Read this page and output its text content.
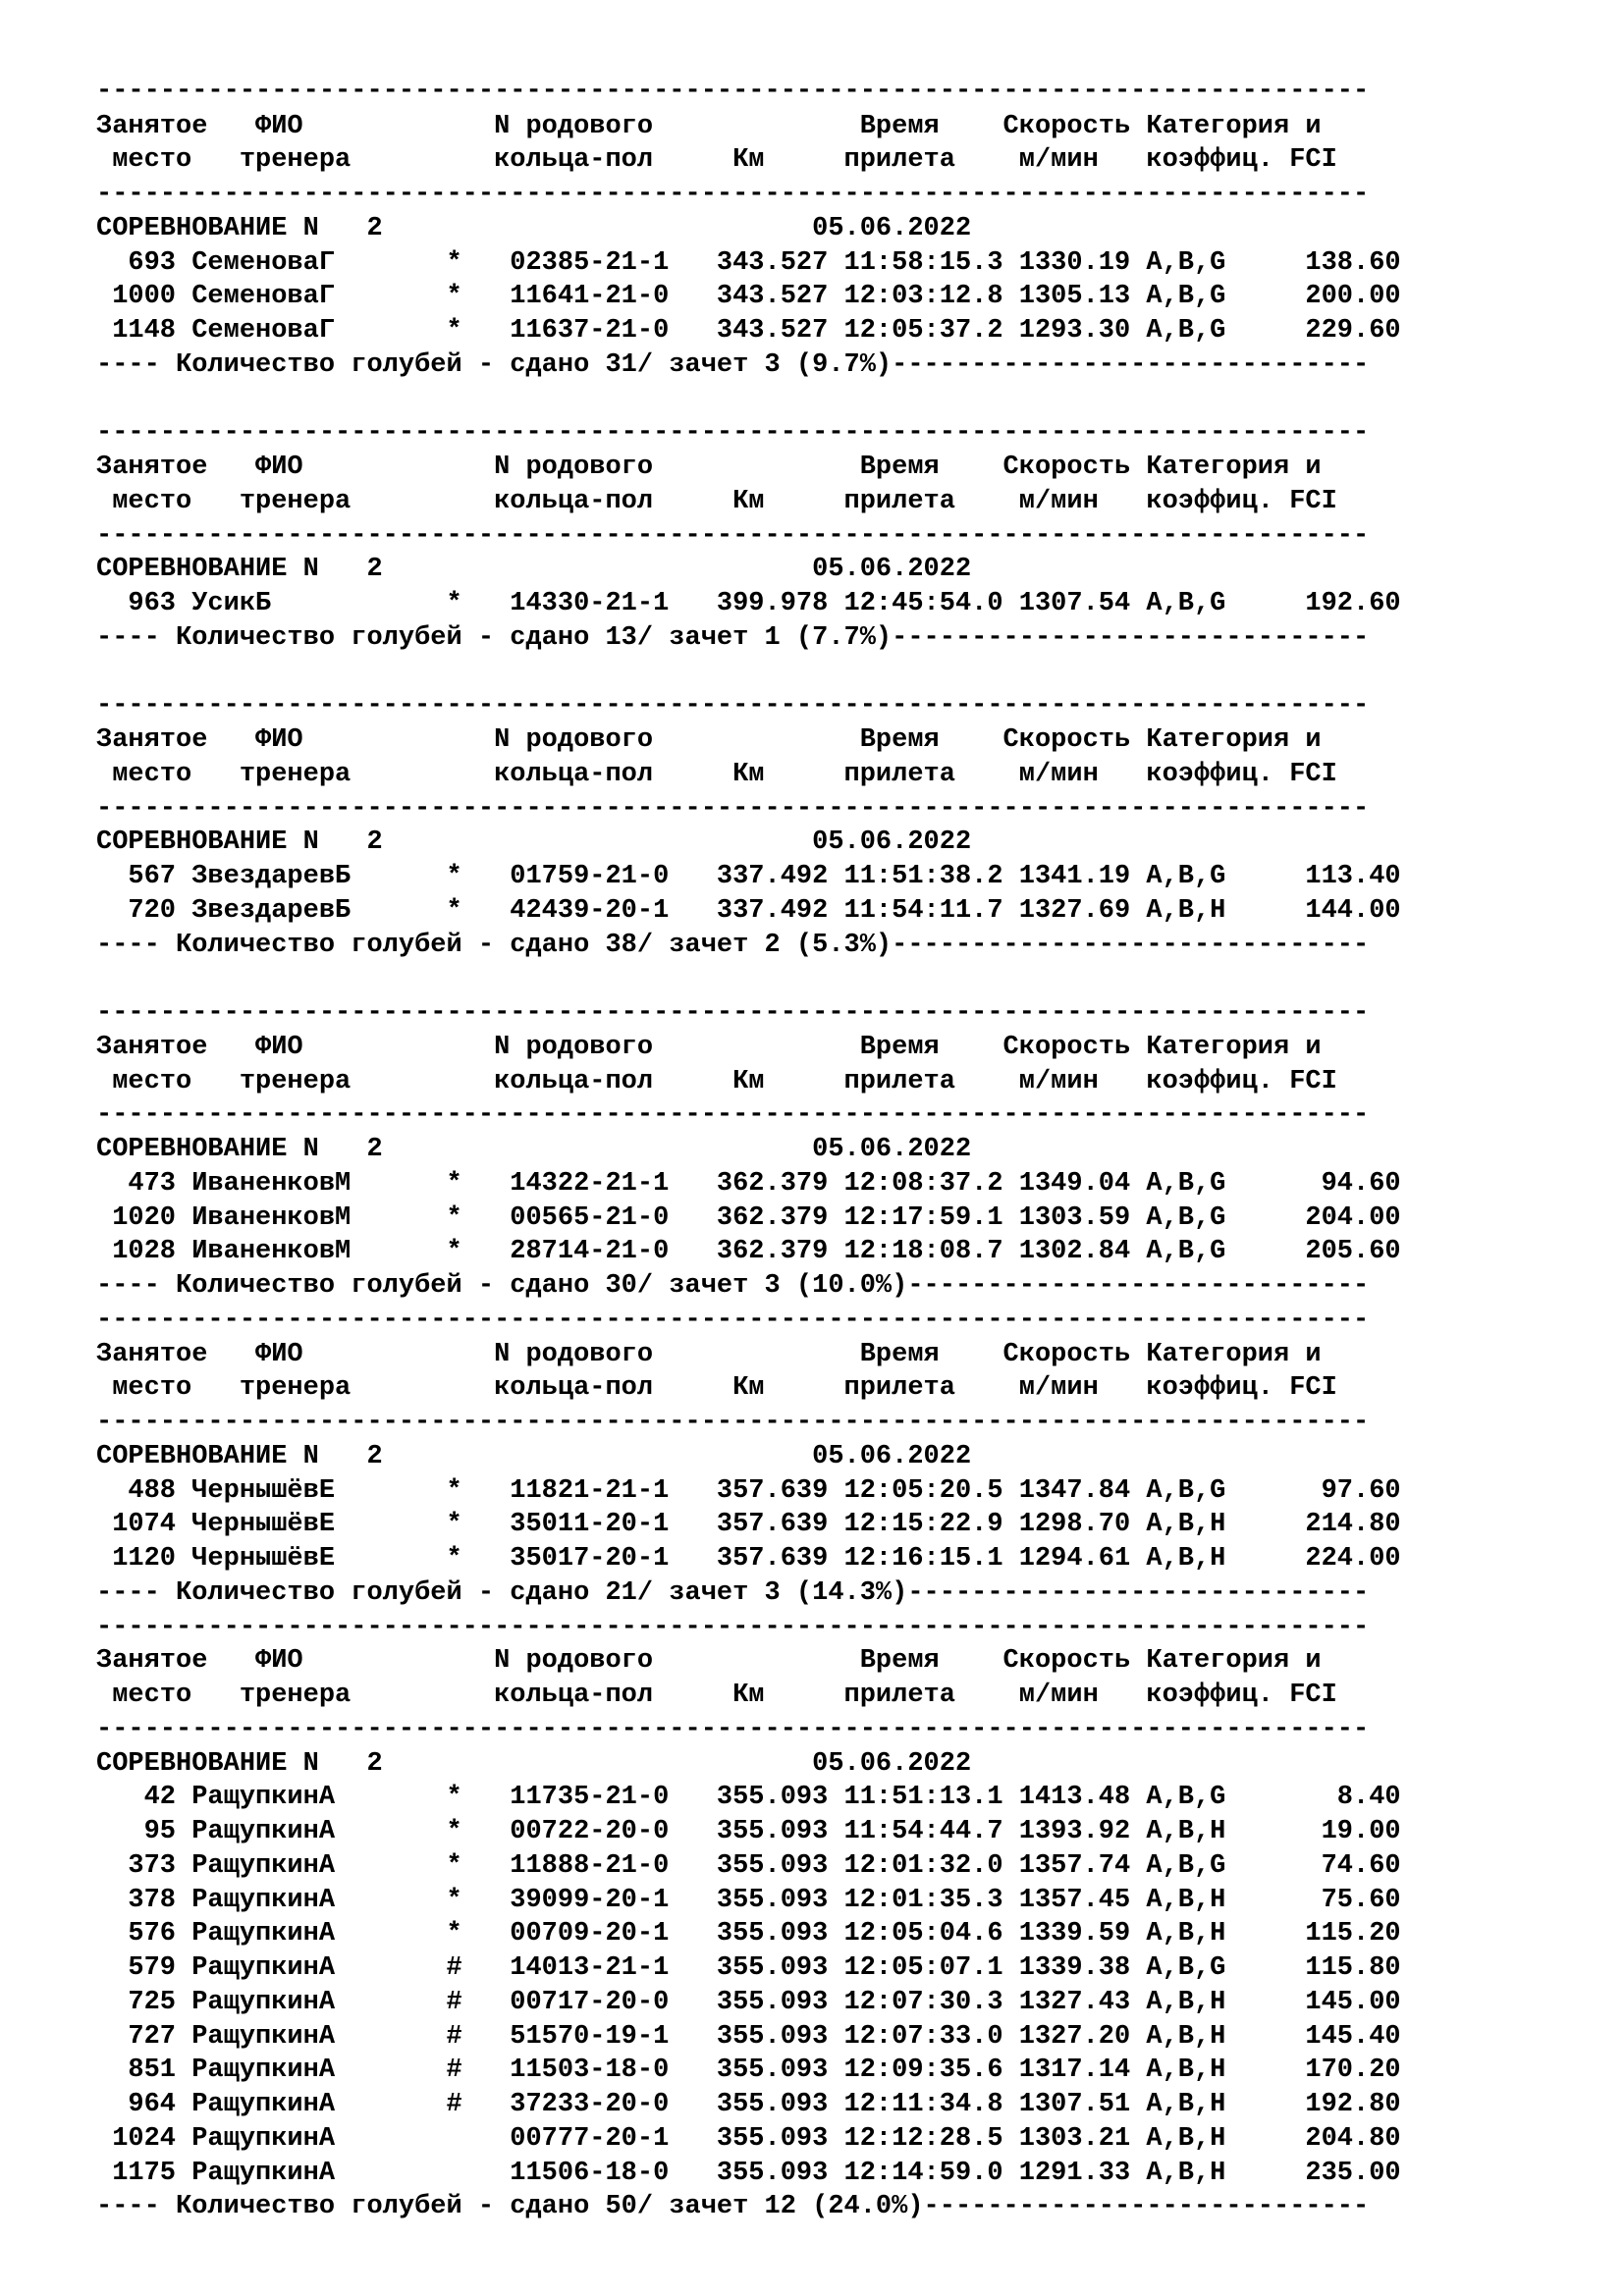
--------------------------------------------------------------------------------
Занятое   ФИО            N родового             Время    Скорость Категория и
место   тренера         кольца-пол     Км     прилета    м/мин   коэффиц. FCI
--------------------------------------------------------------------------------
СОРЕВНОВАНИЕ N   2                           05.06.2022
693 СеменоваГ       *   02385-21-1   343.527 11:58:15.3 1330.19 A,B,G     138.60
1000 СеменоваГ       *   11641-21-0   343.527 12:03:12.8 1305.13 A,B,G     200.00
1148 СеменоваГ       *   11637-21-0   343.527 12:05:37.2 1293.30 A,B,G     229.60
---- Количество голубей - сдано 31/ зачет 3 (9.7%)------------------------------
--------------------------------------------------------------------------------
Занятое   ФИО            N родового             Время    Скорость Категория и
место   тренера         кольца-пол     Км     прилета    м/мин   коэффиц. FCI
--------------------------------------------------------------------------------
СОРЕВНОВАНИЕ N   2                           05.06.2022
963 УсикБ           *   14330-21-1   399.978 12:45:54.0 1307.54 A,B,G     192.60
---- Количество голубей - сдано 13/ зачет 1 (7.7%)------------------------------
--------------------------------------------------------------------------------
Занятое   ФИО            N родового             Время    Скорость Категория и
место   тренера         кольца-пол     Км     прилета    м/мин   коэффиц. FCI
--------------------------------------------------------------------------------
СОРЕВНОВАНИЕ N   2                           05.06.2022
567 ЗвездаревБ      *   01759-21-0   337.492 11:51:38.2 1341.19 A,B,G     113.40
720 ЗвездаревБ      *   42439-20-1   337.492 11:54:11.7 1327.69 A,B,H     144.00
---- Количество голубей - сдано 38/ зачет 2 (5.3%)------------------------------
--------------------------------------------------------------------------------
Занятое   ФИО            N родового             Время    Скорость Категория и
место   тренера         кольца-пол     Км     прилета    м/мин   коэффиц. FCI
--------------------------------------------------------------------------------
СОРЕВНОВАНИЕ N   2                           05.06.2022
473 ИваненковМ      *   14322-21-1   362.379 12:08:37.2 1349.04 A,B,G      94.60
1020 ИваненковМ      *   00565-21-0   362.379 12:17:59.1 1303.59 A,B,G     204.00
1028 ИваненковМ      *   28714-21-0   362.379 12:18:08.7 1302.84 A,B,G     205.60
---- Количество голубей - сдано 30/ зачет 3 (10.0%)-----------------------------
--------------------------------------------------------------------------------
Занятое   ФИО            N родового             Время    Скорость Категория и
место   тренера         кольца-пол     Км     прилета    м/мин   коэффиц. FCI
--------------------------------------------------------------------------------
СОРЕВНОВАНИЕ N   2                           05.06.2022
488 ЧернышёвЕ       *   11821-21-1   357.639 12:05:20.5 1347.84 A,B,G      97.60
1074 ЧернышёвЕ       *   35011-20-1   357.639 12:15:22.9 1298.70 A,B,H     214.80
1120 ЧернышёвЕ       *   35017-20-1   357.639 12:16:15.1 1294.61 A,B,H     224.00
---- Количество голубей - сдано 21/ зачет 3 (14.3%)-----------------------------
--------------------------------------------------------------------------------
Занятое   ФИО            N родового             Время    Скорость Категория и
место   тренера         кольца-пол     Км     прилета    м/мин   коэффиц. FCI
--------------------------------------------------------------------------------
СОРЕВНОВАНИЕ N   2                           05.06.2022
42 РащупкинА       *   11735-21-0   355.093 11:51:13.1 1413.48 A,B,G       8.40
95 РащупкинА       *   00722-20-0   355.093 11:54:44.7 1393.92 A,B,H      19.00
373 РащупкинА       *   11888-21-0   355.093 12:01:32.0 1357.74 A,B,G      74.60
378 РащупкинА       *   39099-20-1   355.093 12:01:35.3 1357.45 A,B,H      75.60
576 РащупкинА       *   00709-20-1   355.093 12:05:04.6 1339.59 A,B,H     115.20
579 РащупкинА       #   14013-21-1   355.093 12:05:07.1 1339.38 A,B,G     115.80
725 РащупкинА       #   00717-20-0   355.093 12:07:30.3 1327.43 A,B,H     145.00
727 РащупкинА       #   51570-19-1   355.093 12:07:33.0 1327.20 A,B,H     145.40
851 РащупкинА       #   11503-18-0   355.093 12:09:35.6 1317.14 A,B,H     170.20
964 РащупкинА       #   37233-20-0   355.093 12:11:34.8 1307.51 A,B,H     192.80
1024 РащупкинА           00777-20-1   355.093 12:12:28.5 1303.21 A,B,H     204.80
1175 РащупкинА           11506-18-0   355.093 12:14:59.0 1291.33 A,B,H     235.00
---- Количество голубей - сдано 50/ зачет 12 (24.0%)----------------------------
